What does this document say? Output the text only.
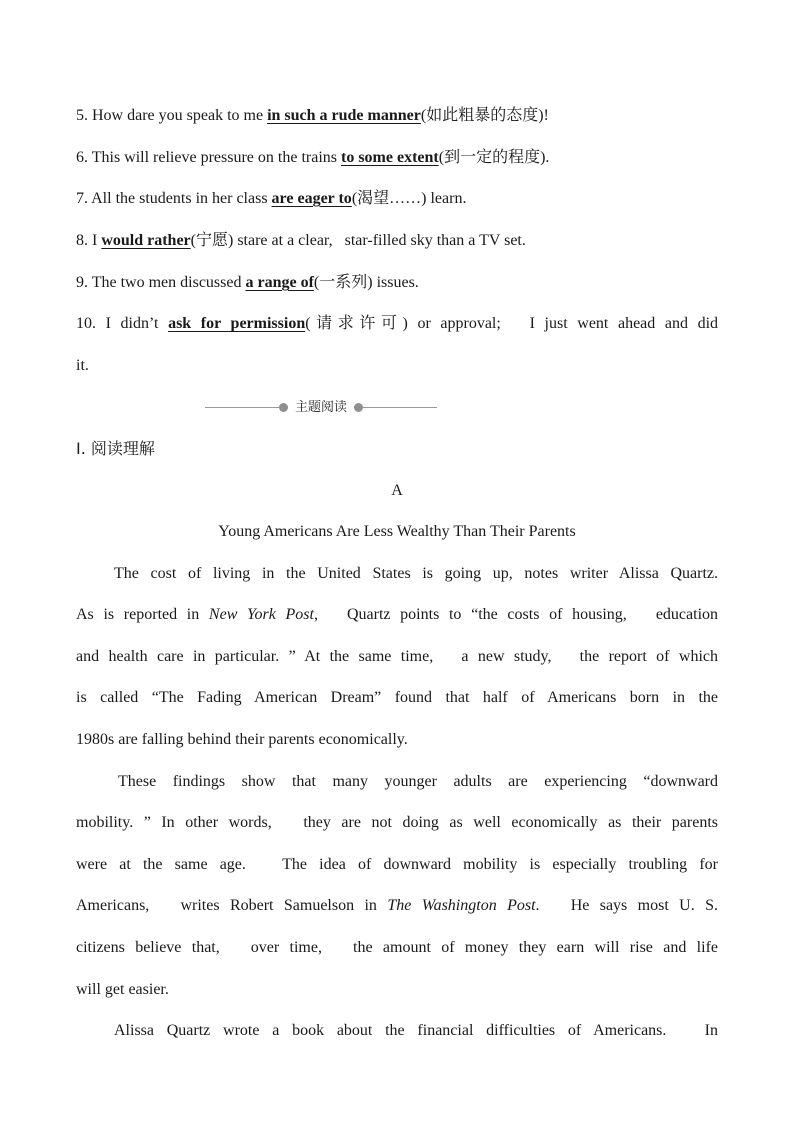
5. How dare you speak to me in such a rude manner(如此粗暴的态度)!
6. This will relieve pressure on the trains to some extent(到一定的程度).
7. All the students in her class are eager to(渴望……) learn.
8. I would rather(宁愿) stare at a clear,   star-filled sky than a TV set.
9. The two men discussed a range of(一系列) issues.
10. I didn’t ask for permission(请求许可) or approval;   I just went ahead and did
it.
主题阅读
Ⅰ. 阅读理解
A
Young Americans Are Less Wealthy Than Their Parents
The cost of living in the United States is going up, notes writer Alissa Quartz.
As is reported in New York Post,   Quartz points to “the costs of housing,   education
and health care in particular. ” At the same time,   a new study,   the report of which
is called “The Fading American Dream” found that half of Americans born in the
1980s are falling behind their parents economically.
These findings show that many younger adults are experiencing “downward
mobility. ” In other words,   they are not doing as well economically as their parents
were at the same age.   The idea of downward mobility is especially troubling for
Americans,   writes Robert Samuelson in The Washington Post.   He says most U. S.
citizens believe that,   over time,   the amount of money they earn will rise and life
will get easier.
Alissa Quartz wrote a book about the financial difficulties of Americans.   In
